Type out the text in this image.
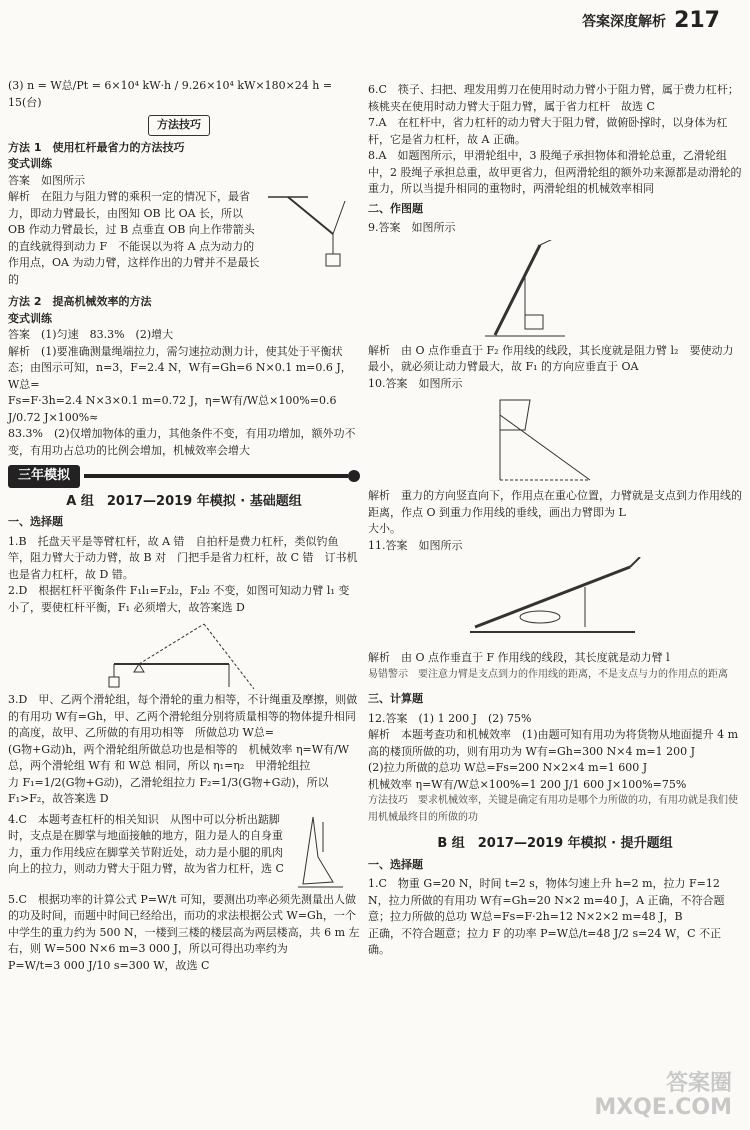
答案深度解析 217

(3) n = W总/Pt = 6×10⁴ kW·h / 9.26×10⁴ kW×180×24 h = 15(台)

方法技巧

方法 1　使用杠杆最省力的方法技巧

变式训练

答案　如图所示

解析　在阻力与阻力臂的乘积一定的情况下，最省力，即动力臂最长，由图知 OB 比 OA 长，所以 OB 作动力臂最长，过 B 点垂直 OB 向上作带箭头的直线就得到动力 F　不能误以为将 A 点为动力的作用点，OA 为动力臂，这样作出的力臂并不是最长的

方法 2　提高机械效率的方法

变式训练

答案　(1)匀速　83.3%　(2)增大

解析　(1)要准确测量绳端拉力，需匀速拉动测力计，使其处于平衡状态；由图示可知，n=3，F=2.4 N，W有=Gh=6 N×0.1 m=0.6 J，W总=

Fs=F·3h=2.4 N×3×0.1 m=0.72 J，η=W有/W总×100%=0.6 J/0.72 J×100%≈

83.3%　(2)仅增加物体的重力，其他条件不变，有用功增加，额外功不变，有用功占总功的比例会增加，机械效率会增大

三年模拟
A 组　2017—2019 年模拟 · 基础题组

一、选择题

1.B　托盘天平是等臂杠杆，故 A 错　自拍杆是费力杠杆，类似钓鱼竿，阻力臂大于动力臂，故 B 对　门把手是省力杠杆，故 C 错　订书机也是省力杠杆，故 D 错。

2.D　根据杠杆平衡条件 F₁l₁=F₂l₂，F₂l₂ 不变，如图可知动力臂 l₁ 变小了，要使杠杆平衡，F₁ 必须增大，故答案选 D

3.D　甲、乙两个滑轮组，每个滑轮的重力相等，不计绳重及摩擦，则做的有用功 W有=Gh，甲、乙两个滑轮组分别将质量相等的物体提升相同的高度，故甲、乙所做的有用功相等　所做总功 W总=

(G物+G动)h，两个滑轮组所做总功也是相等的　机械效率 η=W有/W总，两个滑轮组 W有 和 W总 相同，所以 η₁=η₂　甲滑轮组拉

力 F₁=1/2(G物+G动)，乙滑轮组拉力 F₂=1/3(G物+G动)，所以 F₁>F₂，故答案选 D

4.C　本题考查杠杆的相关知识　从图中可以分析出踮脚时，支点是在脚掌与地面接触的地方，阻力是人的自身重力，重力作用线应在脚掌关节附近处，动力是小腿的肌肉向上的拉力，则动力臂大于阻力臂，故为省力杠杆，选 C

5.C　根据功率的计算公式 P=W/t 可知，要测出功率必须先测量出人做的功及时间，而题中时间已经给出，而功的求法根据公式 W=Gh，一个中学生的重力约为 500 N，一楼到三楼的楼层高为两层楼高，共 6 m 左右，则 W=500 N×6 m=3 000 J，所以可得出功率约为

P=W/t=3 000 J/10 s=300 W，故选 C

6.C　筷子、扫把、理发用剪刀在使用时动力臂小于阻力臂，属于费力杠杆；核桃夹在使用时动力臂大于阻力臂，属于省力杠杆　故选 C

7.A　在杠杆中，省力杠杆的动力臂大于阻力臂，做俯卧撑时，以身体为杠杆，它是省力杠杆，故 A 正确。

8.A　如题图所示，甲滑轮组中，3 股绳子承担物体和滑轮总重，乙滑轮组中，2 股绳子承担总重，故甲更省力，但两滑轮组的额外功来源都是动滑轮的重力，所以当提升相同的重物时，两滑轮组的机械效率相同

二、作图题

9.答案　如图所示

解析　由 O 点作垂直于 F₂ 作用线的线段，其长度就是阻力臂 l₂　要使动力最小，就必须让动力臂最大，故 F₁ 的方向应垂直于 OA

10.答案　如图所示

解析　重力的方向竖直向下，作用点在重心位置，力臂就是支点到力作用线的距离，作点 O 到重力作用线的垂线，画出力臂即为 L

大小。

11.答案　如图所示

解析　由 O 点作垂直于 F 作用线的线段，其长度就是动力臂 l

易错警示　要注意力臂是支点到力的作用线的距离，不是支点与力的作用点的距离

三、计算题

12.答案　(1) 1 200 J　(2) 75%

解析　本题考查功和机械效率　(1)由题可知有用功为将货物从地面提升 4 m 高的楼顶所做的功，则有用功为 W有=Gh=300 N×4 m=1 200 J

(2)拉力所做的总功 W总=Fs=200 N×2×4 m=1 600 J

机械效率 η=W有/W总×100%=1 200 J/1 600 J×100%=75%

方法技巧　要求机械效率，关键是确定有用功是哪个力所做的功，有用功就是我们使用机械最终目的所做的功

B 组　2017—2019 年模拟 · 提升题组

一、选择题

1.C　物重 G=20 N，时间 t=2 s，物体匀速上升 h=2 m，拉力 F=12 N，拉力所做的有用功 W有=Gh=20 N×2 m=40 J，A 正确，不符合题意；拉力所做的总功 W总=Fs=F·2h=12 N×2×2 m=48 J，B

正确，不符合题意；拉力 F 的功率 P=W总/t=48 J/2 s=24 W，C 不正确。

答案圈
MXQE.COM
